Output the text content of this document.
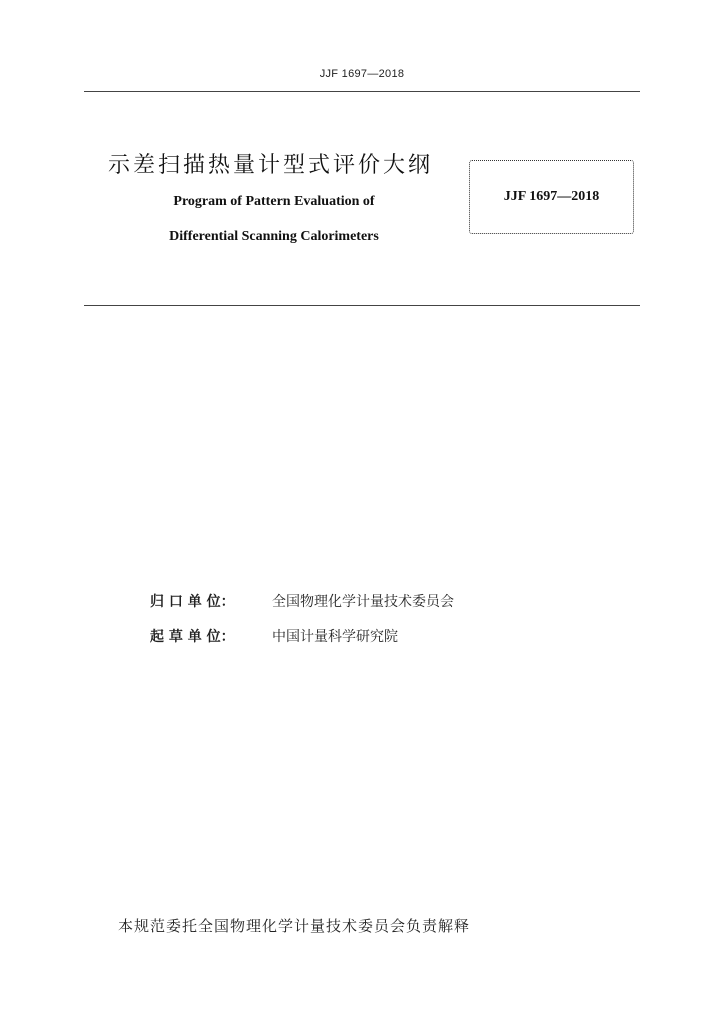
JJF 1697—2018
示差扫描热量计型式评价大纲
Program of Pattern Evaluation of
Differential Scanning Calorimeters
JJF 1697—2018
归 口 单 位：	全国物理化学计量技术委员会
起 草 单 位：	中国计量科学研究院
本规范委托全国物理化学计量技术委员会负责解释
